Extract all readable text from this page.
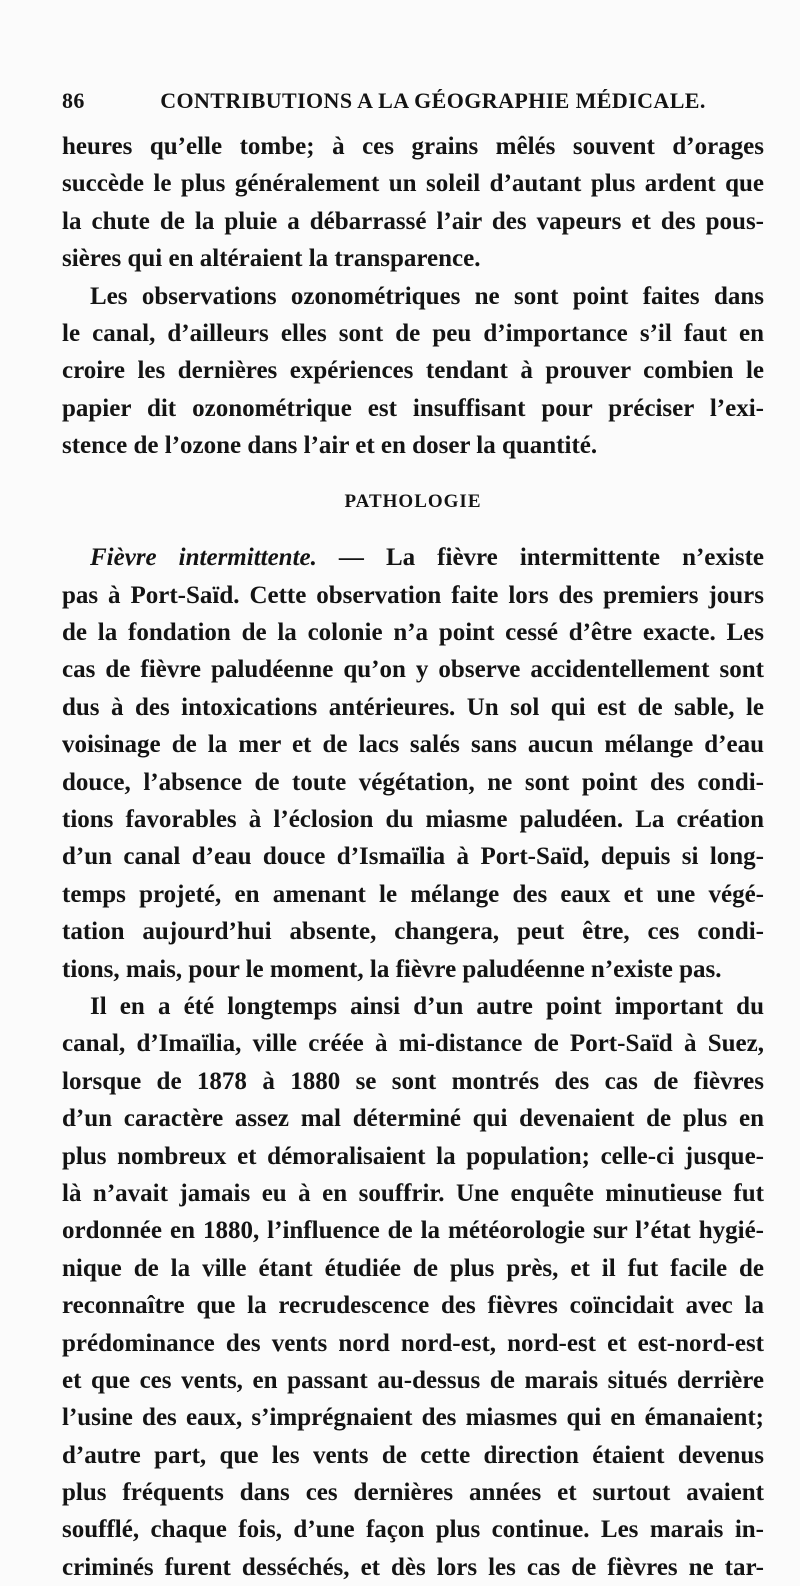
86	CONTRIBUTIONS A LA GÉOGRAPHIE MÉDICALE.
heures qu’elle tombe; à ces grains mêlés souvent d’orages
succède le plus généralement un soleil d’autant plus ardent que
la chute de la pluie a débarrassé l’air des vapeurs et des pous-
sières qui en altéraient la transparence.
Les observations ozonométriques ne sont point faites dans
le canal, d’ailleurs elles sont de peu d’importance s’il faut en
croire les dernières expériences tendant à prouver combien le
papier dit ozonométrique est insuffisant pour préciser l’exi-
stence de l’ozone dans l’air et en doser la quantité.
PATHOLOGIE
Fièvre intermittente. — La fièvre intermittente n’existe
pas à Port-Saïd. Cette observation faite lors des premiers jours
de la fondation de la colonie n’a point cessé d’être exacte. Les
cas de fièvre paludéenne qu’on y observe accidentellement sont
dus à des intoxications antérieures. Un sol qui est de sable, le
voisinage de la mer et de lacs salés sans aucun mélange d’eau
douce, l’absence de toute végétation, ne sont point des condi-
tions favorables à l’éclosion du miasme paludéen. La création
d’un canal d’eau douce d’Ismaïlia à Port-Saïd, depuis si long-
temps projeté, en amenant le mélange des eaux et une végé-
tation aujourd’hui absente, changera, peut être, ces condi-
tions, mais, pour le moment, la fièvre paludéenne n’existe pas.
Il en a été longtemps ainsi d’un autre point important du
canal, d’Imaïlia, ville créée à mi-distance de Port-Saïd à Suez,
lorsque de 1878 à 1880 se sont montrés des cas de fièvres
d’un caractère assez mal déterminé qui devenaient de plus en
plus nombreux et démoralisaient la population; celle-ci jusque-
là n’avait jamais eu à en souffrir. Une enquête minutieuse fut
ordonnée en 1880, l’influence de la météorologie sur l’état hygié-
nique de la ville étant étudiée de plus près, et il fut facile de
reconnaître que la recrudescence des fièvres coïncidait avec la
prédominance des vents nord nord-est, nord-est et est-nord-est
et que ces vents, en passant au-dessus de marais situés derrière
l’usine des eaux, s’imprégnaient des miasmes qui en émanaient;
d’autre part, que les vents de cette direction étaient devenus
plus fréquents dans ces dernières années et surtout avaient
soufflé, chaque fois, d’une façon plus continue. Les marais in-
criminés furent desséchés, et dès lors les cas de fièvres ne tar-
